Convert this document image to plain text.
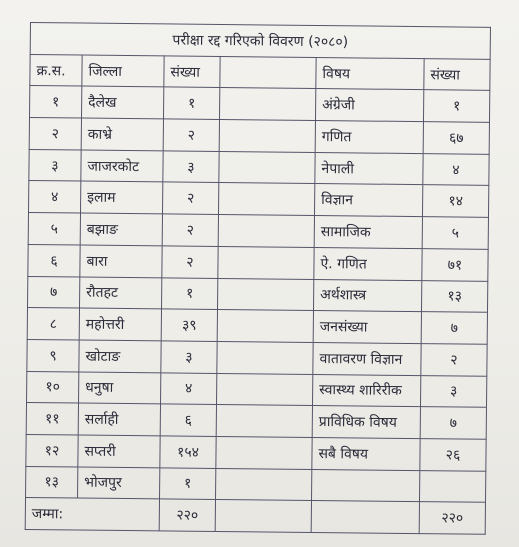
परीक्षा रद्द गरिएको विवरण (२०८०)					
क्र.स.	जिल्ला	संख्या		विषय	संख्या
१	दैलेख	१		अंग्रेजी	१
२	काभ्रे	२		गणित	६७
३	जाजरकोट	३		नेपाली	४
४	इलाम	२		विज्ञान	१४
५	बझाङ	२		सामाजिक	५
६	बारा	२		ऐ. गणित	७१
७	रौतहट	१		अर्थशास्त्र	१३
८	महोत्तरी	३९		जनसंख्या	७
९	खोटाङ	३		वातावरण विज्ञान	२
१०	धनुषा	४		स्वास्थ्य शारिरीक	३
११	सर्लाही	६		प्राविधिक विषय	७
१२	सप्तरी	१५४		सबै विषय	२६
१३	भोजपुर	१			
जम्मा:		२२०			२२०
